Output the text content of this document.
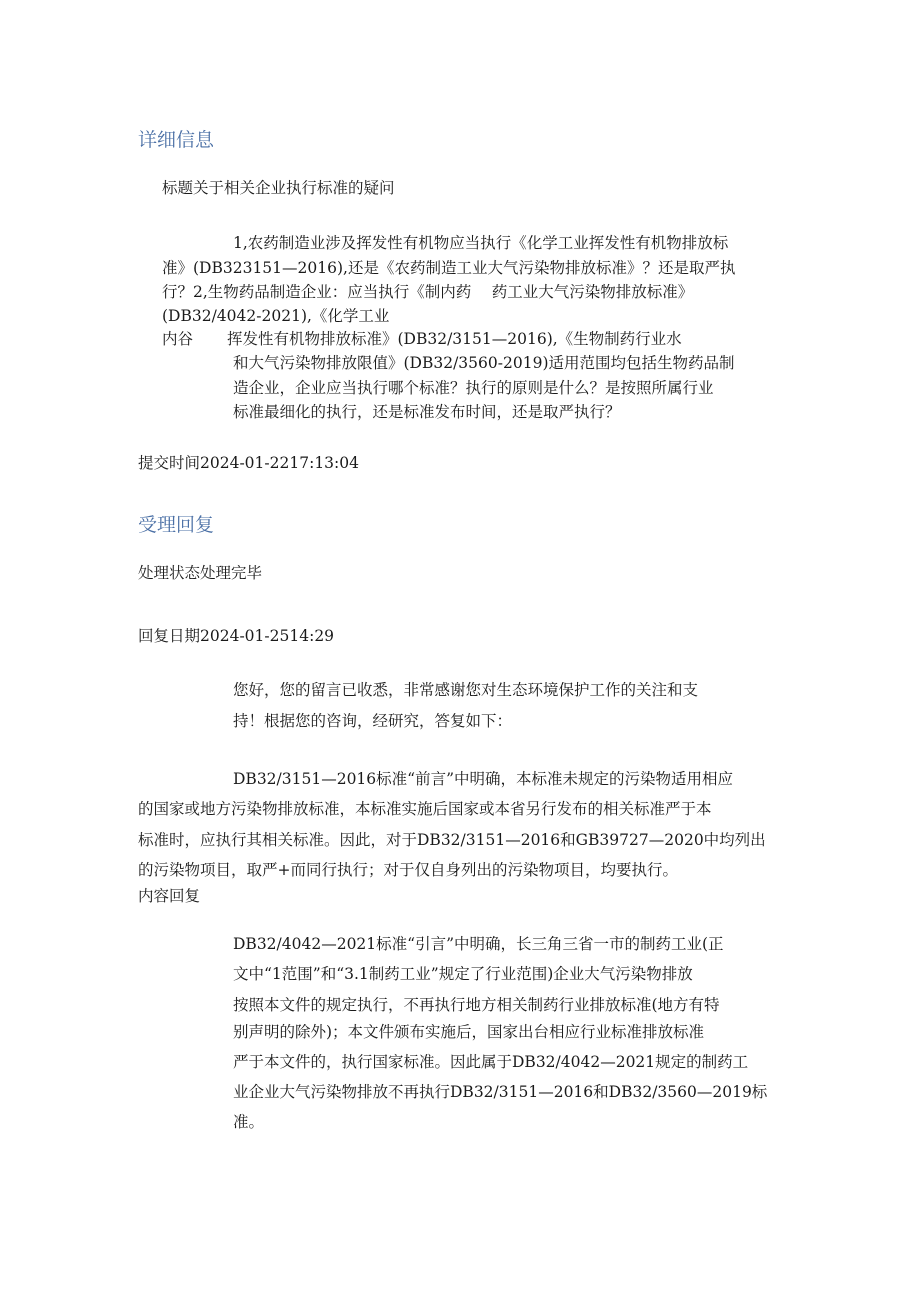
详细信息
标题关于相关企业执行标准的疑问
1,农药制造业涉及挥发性有机物应当执行《化学工业挥发性有机物排放标
准》(DB323151—2016),还是《农药制造工业大气污染物排放标准》？还是取严执
行？2,生物药品制造企业：应当执行《制内药　 药工业大气污染物排放标准》
(DB32/4042-2021),《化学工业
内谷 挥发性有机物排放标准》(DB32/3151—2016),《生物制药行业水
和大气污染物排放限值》(DB32/3560-2019)适用范围均包括生物药品制
造企业，企业应当执行哪个标准？执行的原则是什么？是按照所属行业
标准最细化的执行，还是标准发布时间，还是取严执行？
提交时间2024-01-2217:13:04
受理回复
处理状态处理完毕
回复日期2024-01-2514:29
您好，您的留言已收悉，非常感谢您对生态环境保护工作的关注和支
持！根据您的咨询，经研究，答复如下：
DB32/3151—2016标准“前言”中明确，本标准未规定的污染物适用相应
的国家或地方污染物排放标准，本标准实施后国家或本省另行发布的相关标准严于本
标准时，应执行其相关标准。因此，对于DB32/3151—2016和GB39727—2020中均列出
的污染物项目，取严+而同行执行；对于仅自身列出的污染物项目，均要执行。
内容回复
DB32/4042—2021标准“引言”中明确，长三角三省一市的制药工业(正
文中“1范围”和“3.1制药工业”规定了行业范围)企业大气污染物排放
按照本文件的规定执行，不再执行地方相关制药行业排放标准(地方有特
别声明的除外)；本文件颁布实施后，国家出台相应行业标准排放标准
严于本文件的，执行国家标准。因此属于DB32/4042—2021规定的制药工
业企业大气污染物排放不再执行DB32/3151—2016和DB32/3560—2019标
准。
